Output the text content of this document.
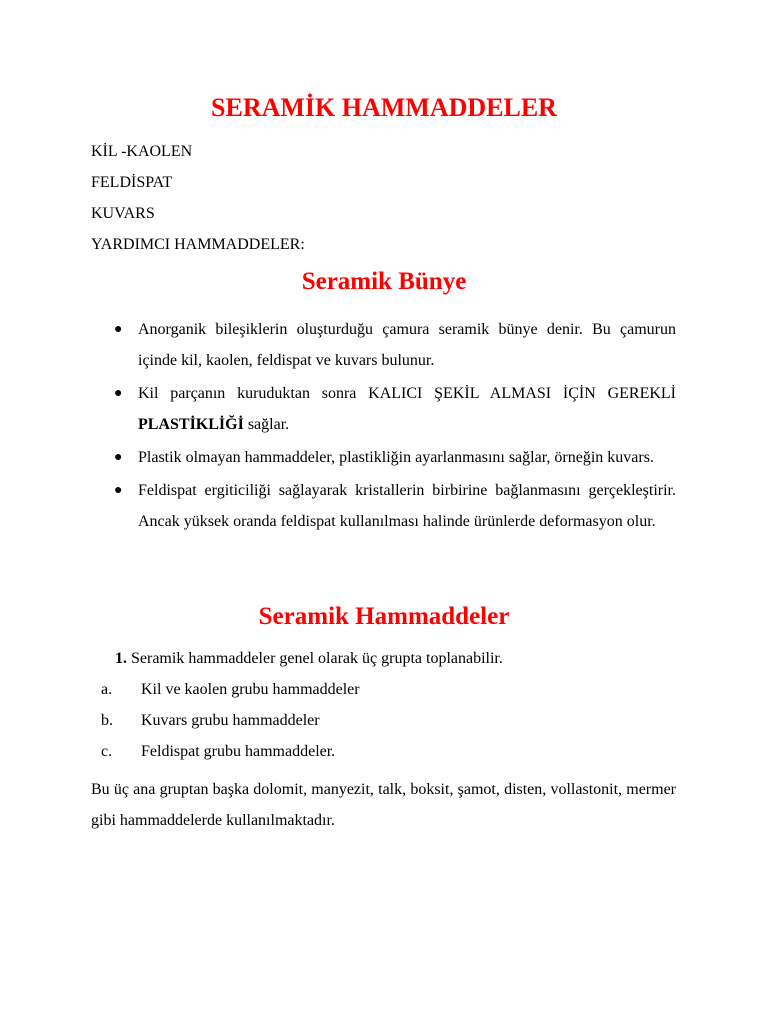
SERAMİK HAMMADDELER
KİL -KAOLEN
FELDİSPAT
KUVARS
YARDIMCI HAMMADDELER:
Seramik Bünye
● Anorganik bileşiklerin oluşturduğu çamura seramik bünye denir. Bu çamurun içinde kil, kaolen, feldispat ve kuvars bulunur.
● Kil parçanın kuruduktan sonra KALICI ŞEKİL ALMASI İÇİN GEREKLİ PLASTİKLİĞİ sağlar.
● Plastik olmayan hammaddeler, plastikliğin ayarlanmasını sağlar, örneğin kuvars.
● Feldispat ergiticiliği sağlayarak kristallerin birbirine bağlanmasını gerçekleştirir. Ancak yüksek oranda feldispat kullanılması halinde ürünlerde deformasyon olur.
Seramik Hammaddeler
1. Seramik hammaddeler genel olarak üç grupta toplanabilir.
a. Kil ve kaolen grubu hammaddeler
b. Kuvars grubu hammaddeler
c. Feldispat grubu hammaddeler.
Bu üç ana gruptan başka dolomit, manyezit, talk, boksit, şamot, disten, vollastonit, mermer gibi hammaddelerde kullanılmaktadır.
